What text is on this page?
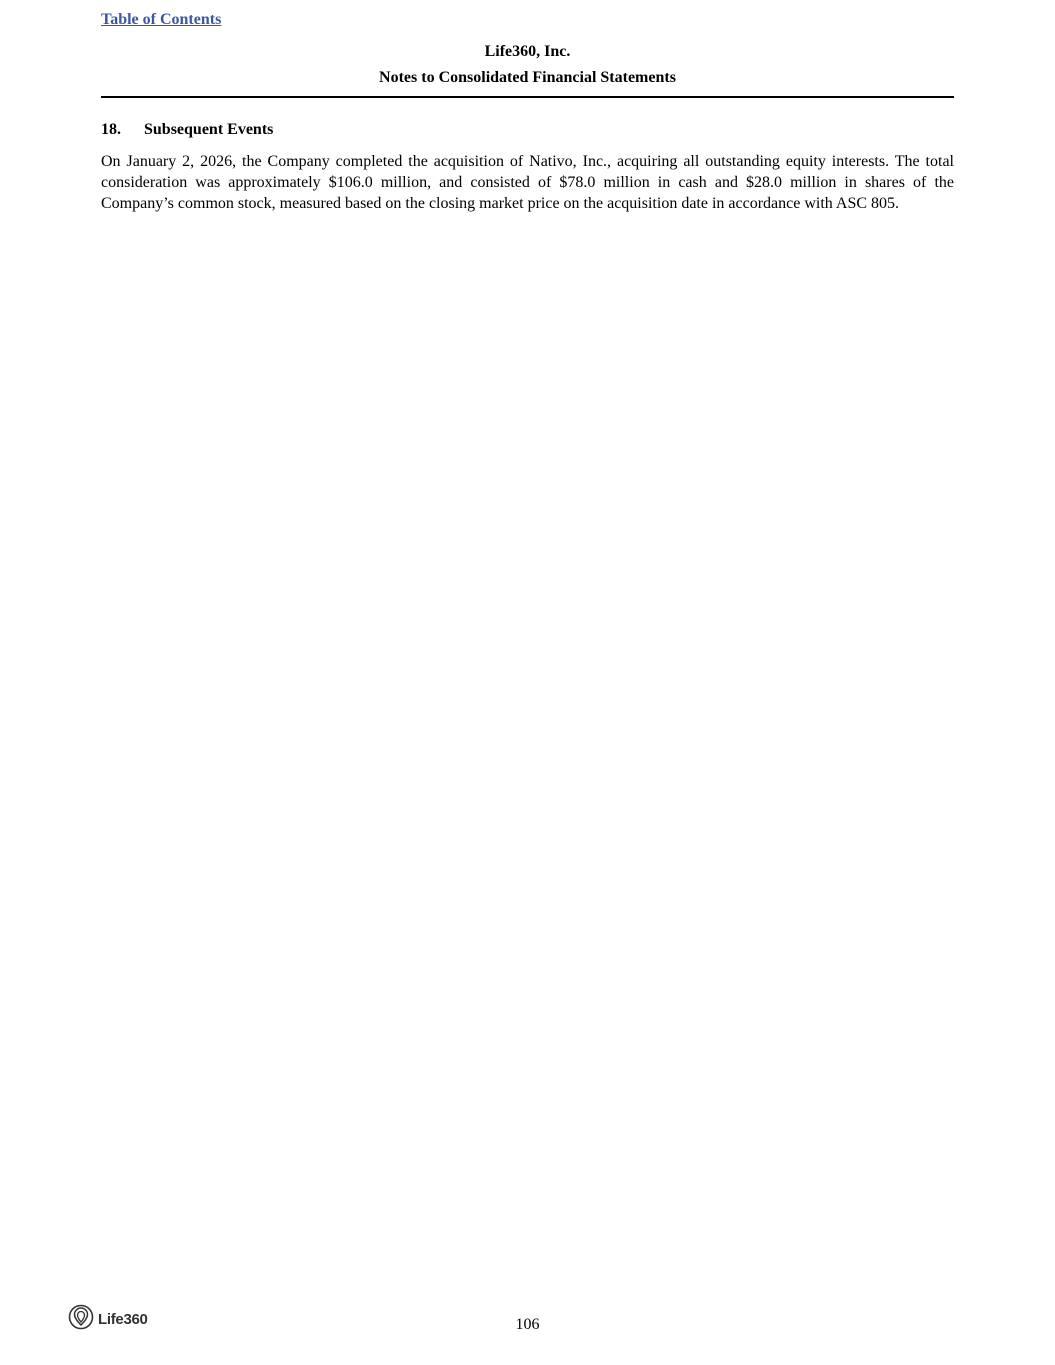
Table of Contents

Life360, Inc.

Notes to Consolidated Financial Statements

18. Subsequent Events

On January 2, 2026, the Company completed the acquisition of Nativo, Inc., acquiring all outstanding equity interests. The total consideration was approximately $106.0 million, and consisted of $78.0 million in cash and $28.0 million in shares of the Company’s common stock, measured based on the closing market price on the acquisition date in accordance with ASC 805.

Life360	106
